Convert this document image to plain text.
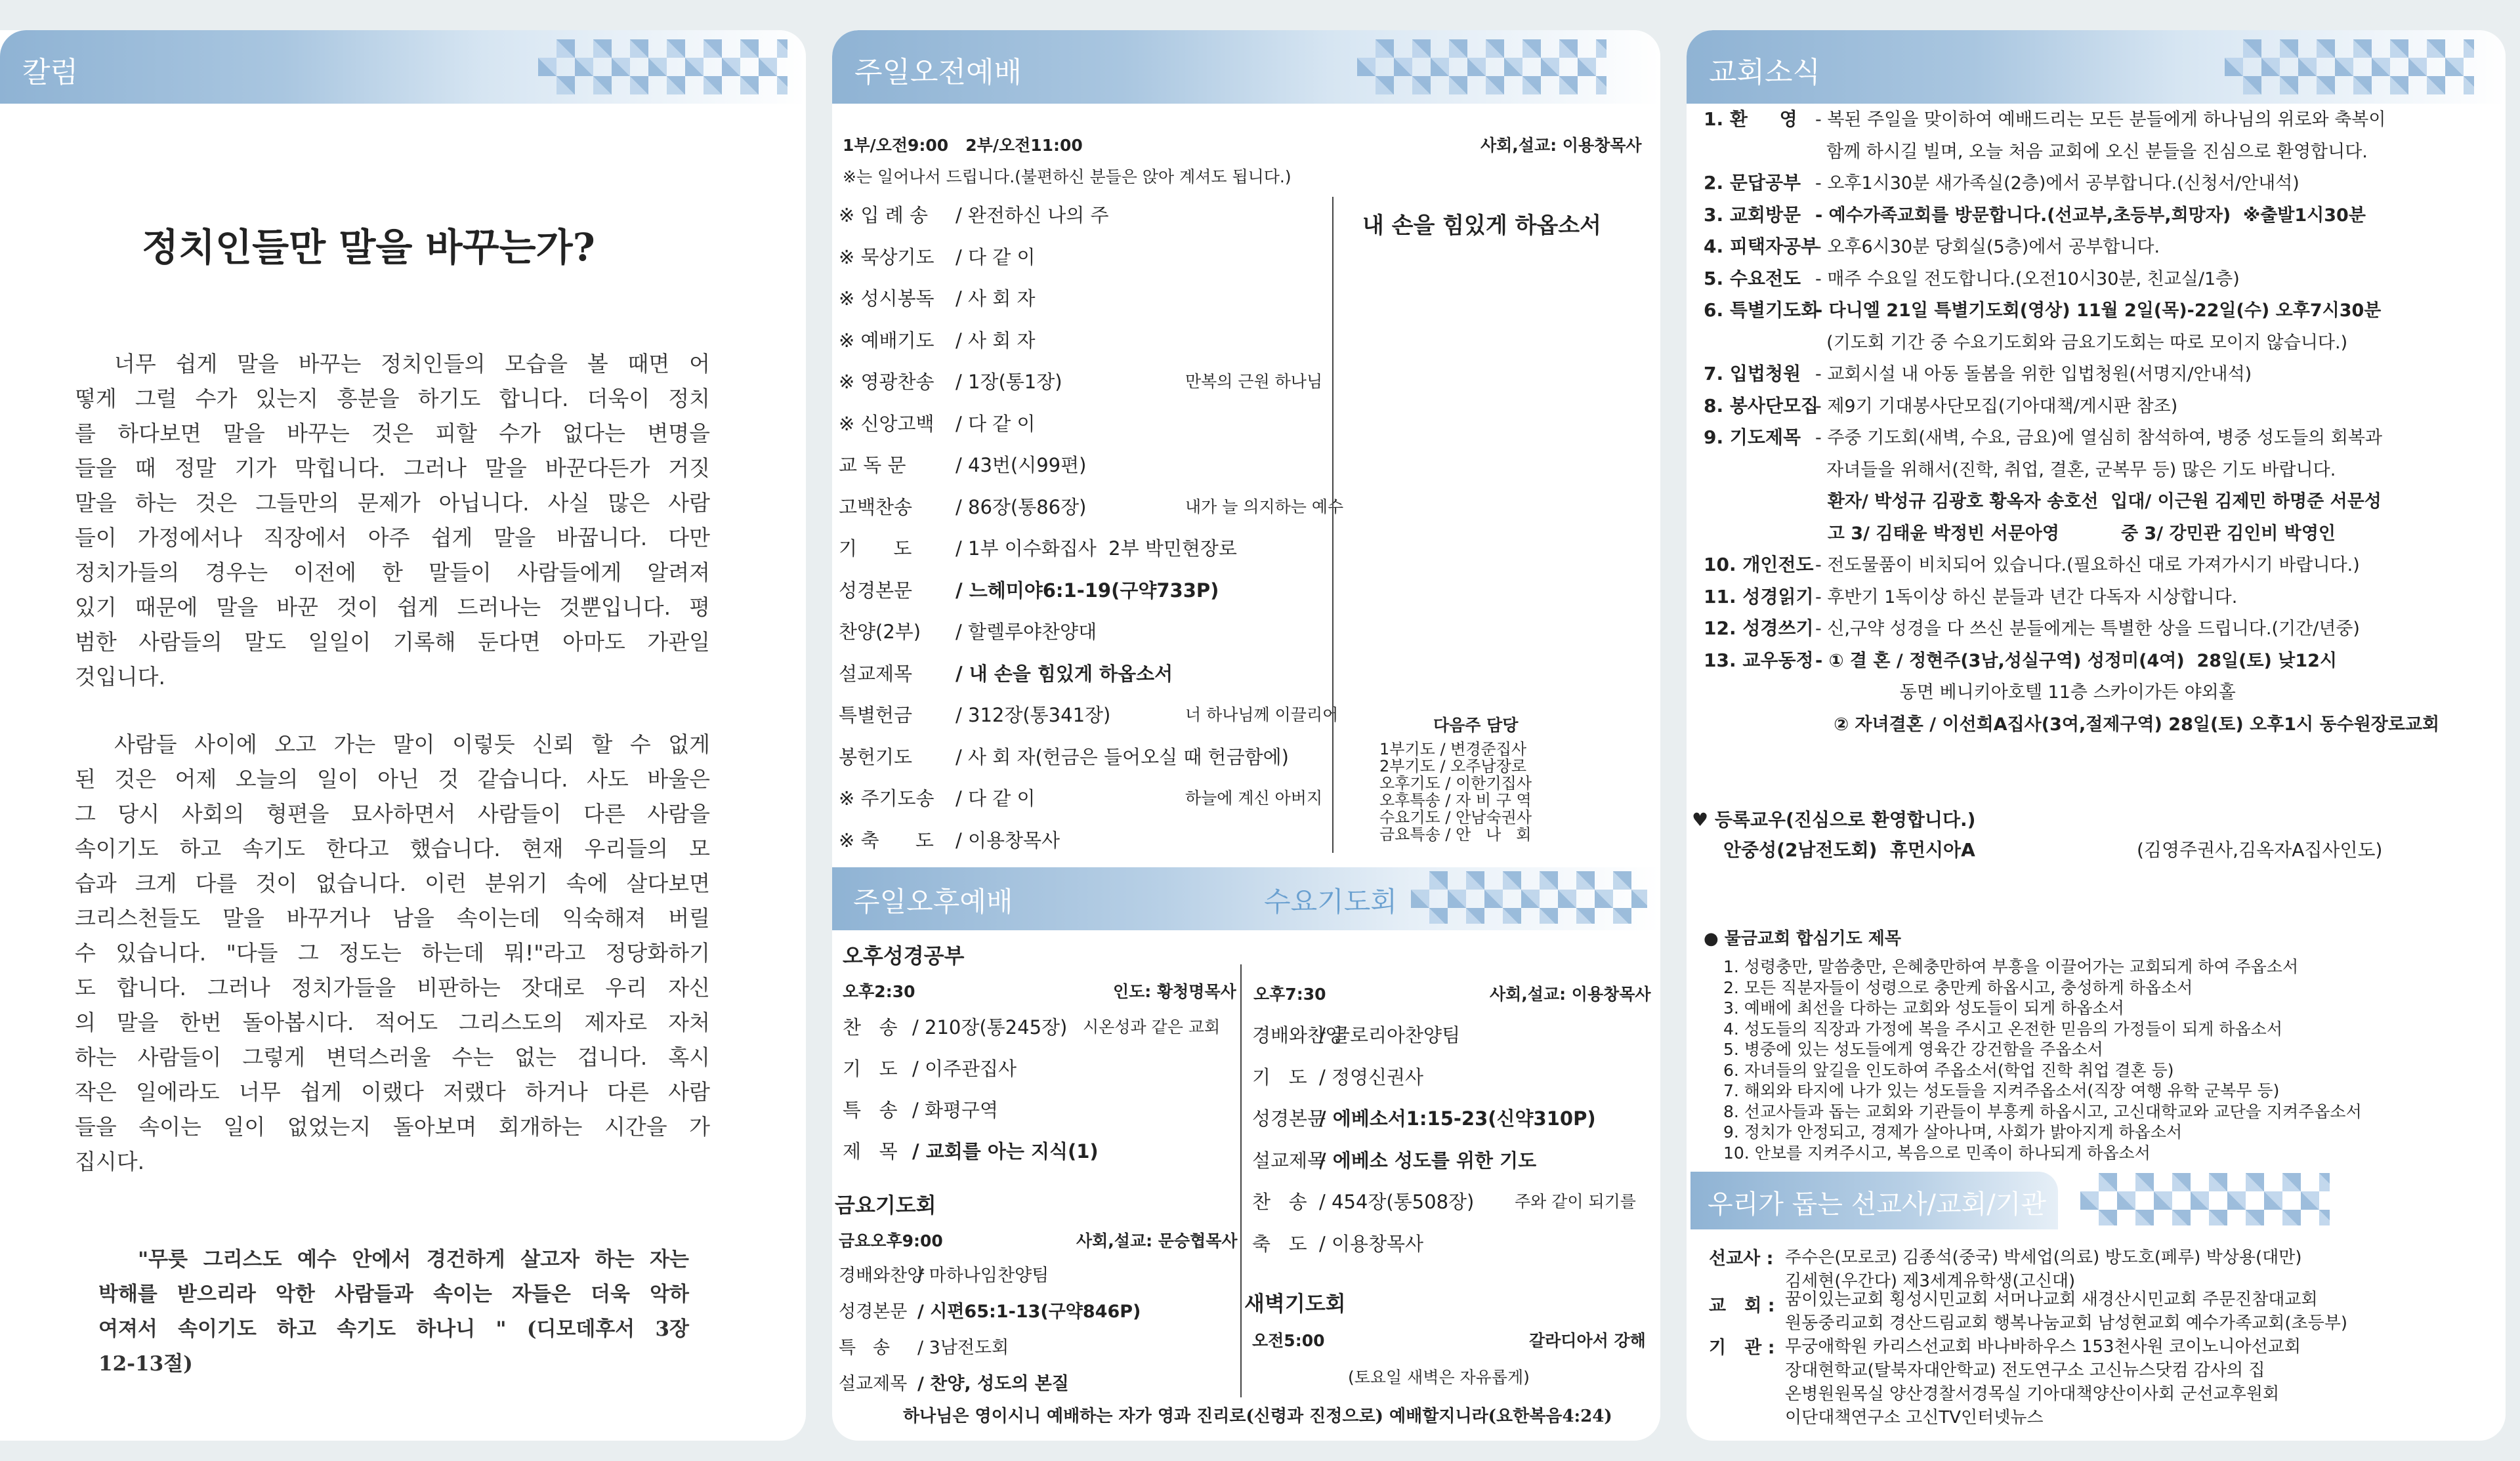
칼럼
정치인들만 말을 바꾸는가?
너무 쉽게 말을 바꾸는 정치인들의 모습을 볼 때면 어
떻게 그럴 수가 있는지 흥분을 하기도 합니다. 더욱이 정치
를 하다보면 말을 바꾸는 것은 피할 수가 없다는 변명을
들을 때 정말 기가 막힙니다. 그러나 말을 바꾼다든가 거짓
말을 하는 것은 그들만의 문제가 아닙니다. 사실 많은 사람
들이 가정에서나 직장에서 아주 쉽게 말을 바꿉니다. 다만
정치가들의 경우는 이전에 한 말들이 사람들에게 알려져
있기 때문에 말을 바꾼 것이 쉽게 드러나는 것뿐입니다. 평
범한 사람들의 말도 일일이 기록해 둔다면 아마도 가관일
것입니다.
사람들 사이에 오고 가는 말이 이렇듯 신뢰 할 수 없게
된 것은 어제 오늘의 일이 아닌 것 같습니다. 사도 바울은
그 당시 사회의 형편을 묘사하면서 사람들이 다른 사람을
속이기도 하고 속기도 한다고 했습니다. 현재 우리들의 모
습과 크게 다를 것이 없습니다. 이런 분위기 속에 살다보면
크리스천들도 말을 바꾸거나 남을 속이는데 익숙해져 버릴
수 있습니다. "다들 그 정도는 하는데 뭐!"라고 정당화하기
도 합니다. 그러나 정치가들을 비판하는 잣대로 우리 자신
의 말을 한번 돌아봅시다. 적어도 그리스도의 제자로 자처
하는 사람들이 그렇게 변덕스러울 수는 없는 겁니다. 혹시
작은 일에라도 너무 쉽게 이랬다 저랬다 하거나 다른 사람
들을 속이는 일이 없었는지 돌아보며 회개하는 시간을 가
집시다.
"무릇 그리스도 예수 안에서 경건하게 살고자 하는 자는
박해를 받으리라 악한 사람들과 속이는 자들은 더욱 악하
여져서 속이기도 하고 속기도 하나니 " (디모데후서 3장
12-13절)
주일오전예배
1부/오전9:00   2부/오전11:00	사회,설교: 이용창목사
※는 일어나서 드립니다.(불편하신 분들은 앉아 계셔도 됩니다.)
※ 입 례 송 / 완전하신 나의 주
※ 묵상기도 / 다 같 이
※ 성시봉독 / 사 회 자
※ 예배기도 / 사 회 자
※ 영광찬송 / 1장(통1장)	만복의 근원 하나님
※ 신앙고백 / 다 같 이
교 독 문	/ 43번(시99편)
고백찬송 / 86장(통86장)	내가 늘 의지하는 예수
기      도 / 1부 이수화집사  2부 박민현장로
성경본문 / 느헤미야6:1-19(구약733P)
찬양(2부) / 할렐루야찬양대
설교제목 / 내 손을 힘있게 하옵소서
특별헌금 / 312장(통341장)	너 하나님께 이끌리어
봉헌기도 / 사 회 자(헌금은 들어오실 때 헌금함에)
※ 주기도송 / 다 같 이	하늘에 계신 아버지
※ 축      도 / 이용창목사
내 손을 힘있게 하옵소서
다음주 담당
1부기도 / 변경준집사
2부기도 / 오주남장로
오후기도 / 이한기집사
오후특송 / 자 비 구 역
수요기도 / 안남숙권사
금요특송 / 안   나   회
주일오후예배	수요기도회
오후성경공부
오후2:30	인도: 황청명목사
찬   송 / 210장(통245장) 시온성과 같은 교회
기   도 / 이주관집사
특   송 / 화평구역
제   목 / 교회를 아는 지식(1)
금요기도회
금요오후9:00	사회,설교: 문승협목사
경배와찬양
/ 마하나임찬양팀
성경본문 / 시편65:1-13(구약846P)
특   송 / 3남전도회
설교제목 / 찬양, 성도의 본질
오후7:30	사회,설교: 이용창목사
경배와찬양
/ 글로리아찬양팀
기   도 / 정영신권사
성경본문
/ 에베소서1:15-23(신약310P)
설교제목
/ 에베소 성도를 위한 기도
찬   송 / 454장(통508장) 주와 같이 되기를
축   도 / 이용창목사
새벽기도회
오전5:00	갈라디아서 강해
(토요일 새벽은 자유롭게)
하나님은 영이시니 예배하는 자가 영과 진리로(신령과 진정으로) 예배할지니라(요한복음4:24)
교회소식
1. 환     영 - 복된 주일을 맞이하여 예배드리는 모든 분들에게 하나님의 위로와 축복이
함께 하시길 빌며, 오늘 처음 교회에 오신 분들을 진심으로 환영합니다.
2. 문답공부 - 오후1시30분 새가족실(2층)에서 공부합니다.(신청서/안내석)
3. 교회방문 - 예수가족교회를 방문합니다.(선교부,초등부,희망자)  ※출발1시30분
4. 피택자공부
- 오후6시30분 당회실(5층)에서 공부합니다.
5. 수요전도 - 매주 수요일 전도합니다.(오전10시30분, 친교실/1층)
6. 특별기도회
- 다니엘 21일 특별기도회(영상) 11월 2일(목)-22일(수) 오후7시30분
(기도회 기간 중 수요기도회와 금요기도회는 따로 모이지 않습니다.)
7. 입법청원 - 교회시설 내 아동 돌봄을 위한 입법청원(서명지/안내석)
8. 봉사단모집
- 제9기 기대봉사단모집(기아대책/게시판 참조)
9. 기도제목 - 주중 기도회(새벽, 수요, 금요)에 열심히 참석하여, 병중 성도들의 회복과
자녀들을 위해서(진학, 취업, 결혼, 군복무 등) 많은 기도 바랍니다.
환자/ 박성규 김광호 황옥자 송호선  입대/ 이근원 김제민 하명준 서문성
고 3/ 김태윤 박정빈 서문아영          중 3/ 강민관 김인비 박영인
10. 개인전도 - 전도물품이 비치되어 있습니다.(필요하신 대로 가져가시기 바랍니다.)
11. 성경읽기 - 후반기 1독이상 하신 분들과 년간 다독자 시상합니다.
12. 성경쓰기 - 신,구약 성경을 다 쓰신 분들에게는 특별한 상을 드립니다.(기간/년중)
13. 교우동정 - ① 결 혼 / 정현주(3남,성실구역) 성정미(4여)  28일(토) 낮12시
동면 베니키아호텔 11층 스카이가든 야외홀
② 자녀결혼 / 이선희A집사(3여,절제구역) 28일(토) 오후1시 동수원장로교회
♥ 등록교우(진심으로 환영합니다.)
안중성(2남전도회)  휴먼시아A	(김영주권사,김옥자A집사인도)
● 물금교회 합심기도 제목
1. 성령충만, 말씀충만, 은혜충만하여 부흥을 이끌어가는 교회되게 하여 주옵소서
2. 모든 직분자들이 성령으로 충만케 하옵시고, 충성하게 하옵소서
3. 예배에 최선을 다하는 교회와 성도들이 되게 하옵소서
4. 성도들의 직장과 가정에 복을 주시고 온전한 믿음의 가정들이 되게 하옵소서
5. 병중에 있는 성도들에게 영육간 강건함을 주옵소서
6. 자녀들의 앞길을 인도하여 주옵소서(학업 진학 취업 결혼 등)
7. 해외와 타지에 나가 있는 성도들을 지켜주옵소서(직장 여행 유학 군복무 등)
8. 선교사들과 돕는 교회와 기관들이 부흥케 하옵시고, 고신대학교와 교단을 지켜주옵소서
9. 정치가 안정되고, 경제가 살아나며, 사회가 밝아지게 하옵소서
10. 안보를 지켜주시고, 복음으로 민족이 하나되게 하옵소서
우리가 돕는 선교사/교회/기관
선교사 : 주수은(모로코) 김종석(중국) 박세업(의료) 방도호(페루) 박상용(대만)
김세현(우간다) 제3세계유학생(고신대)
교   회 : 꿈이있는교회 횡성시민교회 서머나교회 새경산시민교회 주문진참대교회
원동중리교회 경산드림교회 행복나눔교회 남성현교회 예수가족교회(초등부)
기   관 : 무궁애학원 카리스선교회 바나바하우스 153천사원 코이노니아선교회
장대현학교(탈북자대안학교) 전도연구소 고신뉴스닷컴 감사의 집
온병원원목실 양산경찰서경목실 기아대책양산이사회 군선교후원회
이단대책연구소 고신TV인터넷뉴스
